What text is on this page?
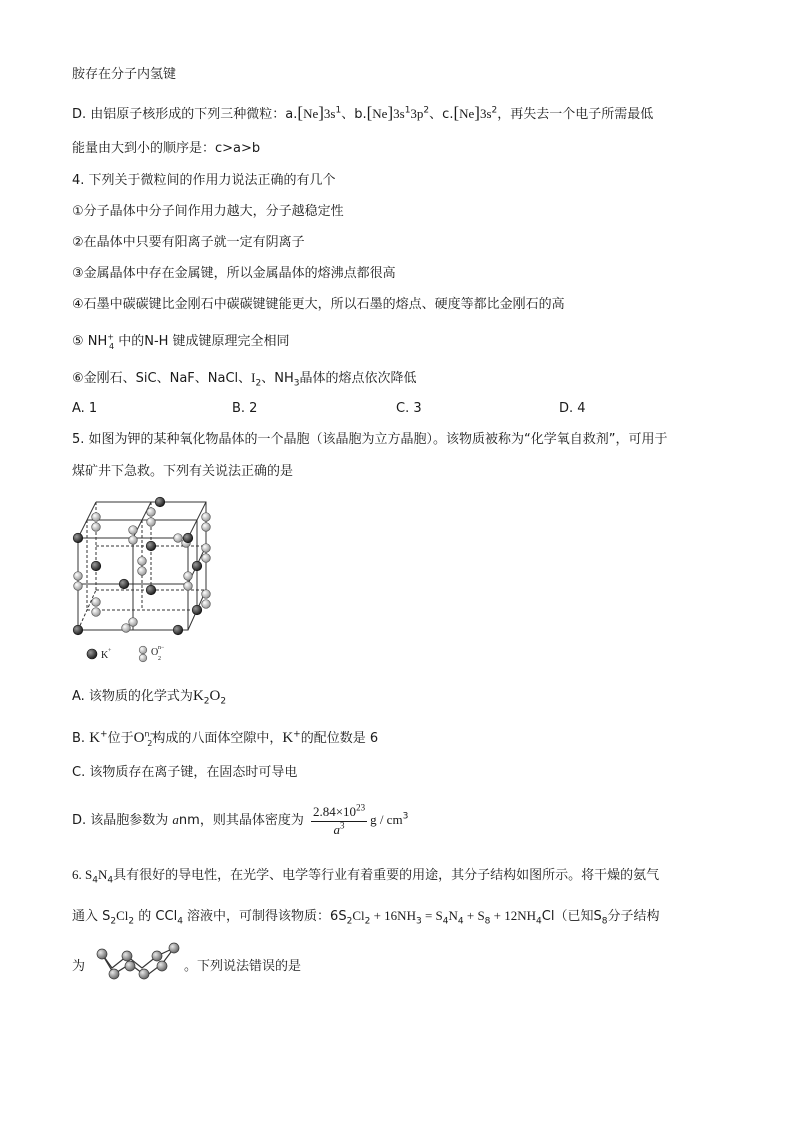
胺存在分子内氢键
D. 由铝原子核形成的下列三种微粒：$a.[Ne]3s^1$、$b.[Ne]3s^13p^2$、$c.[Ne]3s^2$，再失去一个电子所需最低
能量由大到小的顺序是：c>a>b
4. 下列关于微粒间的作用力说法正确的有几个
①分子晶体中分子间作用力越大，分子越稳定性
②在晶体中只要有阳离子就一定有阴离子
③金属晶体中存在金属键，所以金属晶体的熔沸点都很高
④石墨中碳碳键比金刚石中碳碳键键能更大，所以石墨的熔点、硬度等都比金刚石的高
⑤ $NH^+_4$ 中的N-H 键成键原理完全相同
⑥金刚石、SiC、NaF、NaCl、$I_2$、$NH_3$晶体的熔点依次降低
A. 1	B. 2	C. 3	D. 4
5. 如图为钾的某种氧化物晶体的一个晶胞（该晶胞为立方晶胞）。该物质被称为“化学氧自救剂”，可用于
煤矿井下急救。下列有关说法正确的是
K +	O
2
n−
A. 该物质的化学式为$K_2O_2$
B. K+位于$O^{n-}_2$构成的八面体空隙中，K+的配位数是 6
C. 该物质存在离子键，在固态时可导电
D. 该晶胞参数为 anm，则其晶体密度为 $\frac{2.84\times 10^{23}}{a^3}$ g / $cm^3$
6. $S_4N_4$具有很好的导电性，在光学、电学等行业有着重要的用途，其分子结构如图所示。将干燥的氨气
通入 $S_2Cl_2$ 的 CCl$_4$ 溶液中，可制得该物质：$6S_2Cl_2 + 16NH_3 = S_4N_4 + S_8 + 12NH_4Cl$（已知$S_8$分子结构
为	。下列说法错误的是
